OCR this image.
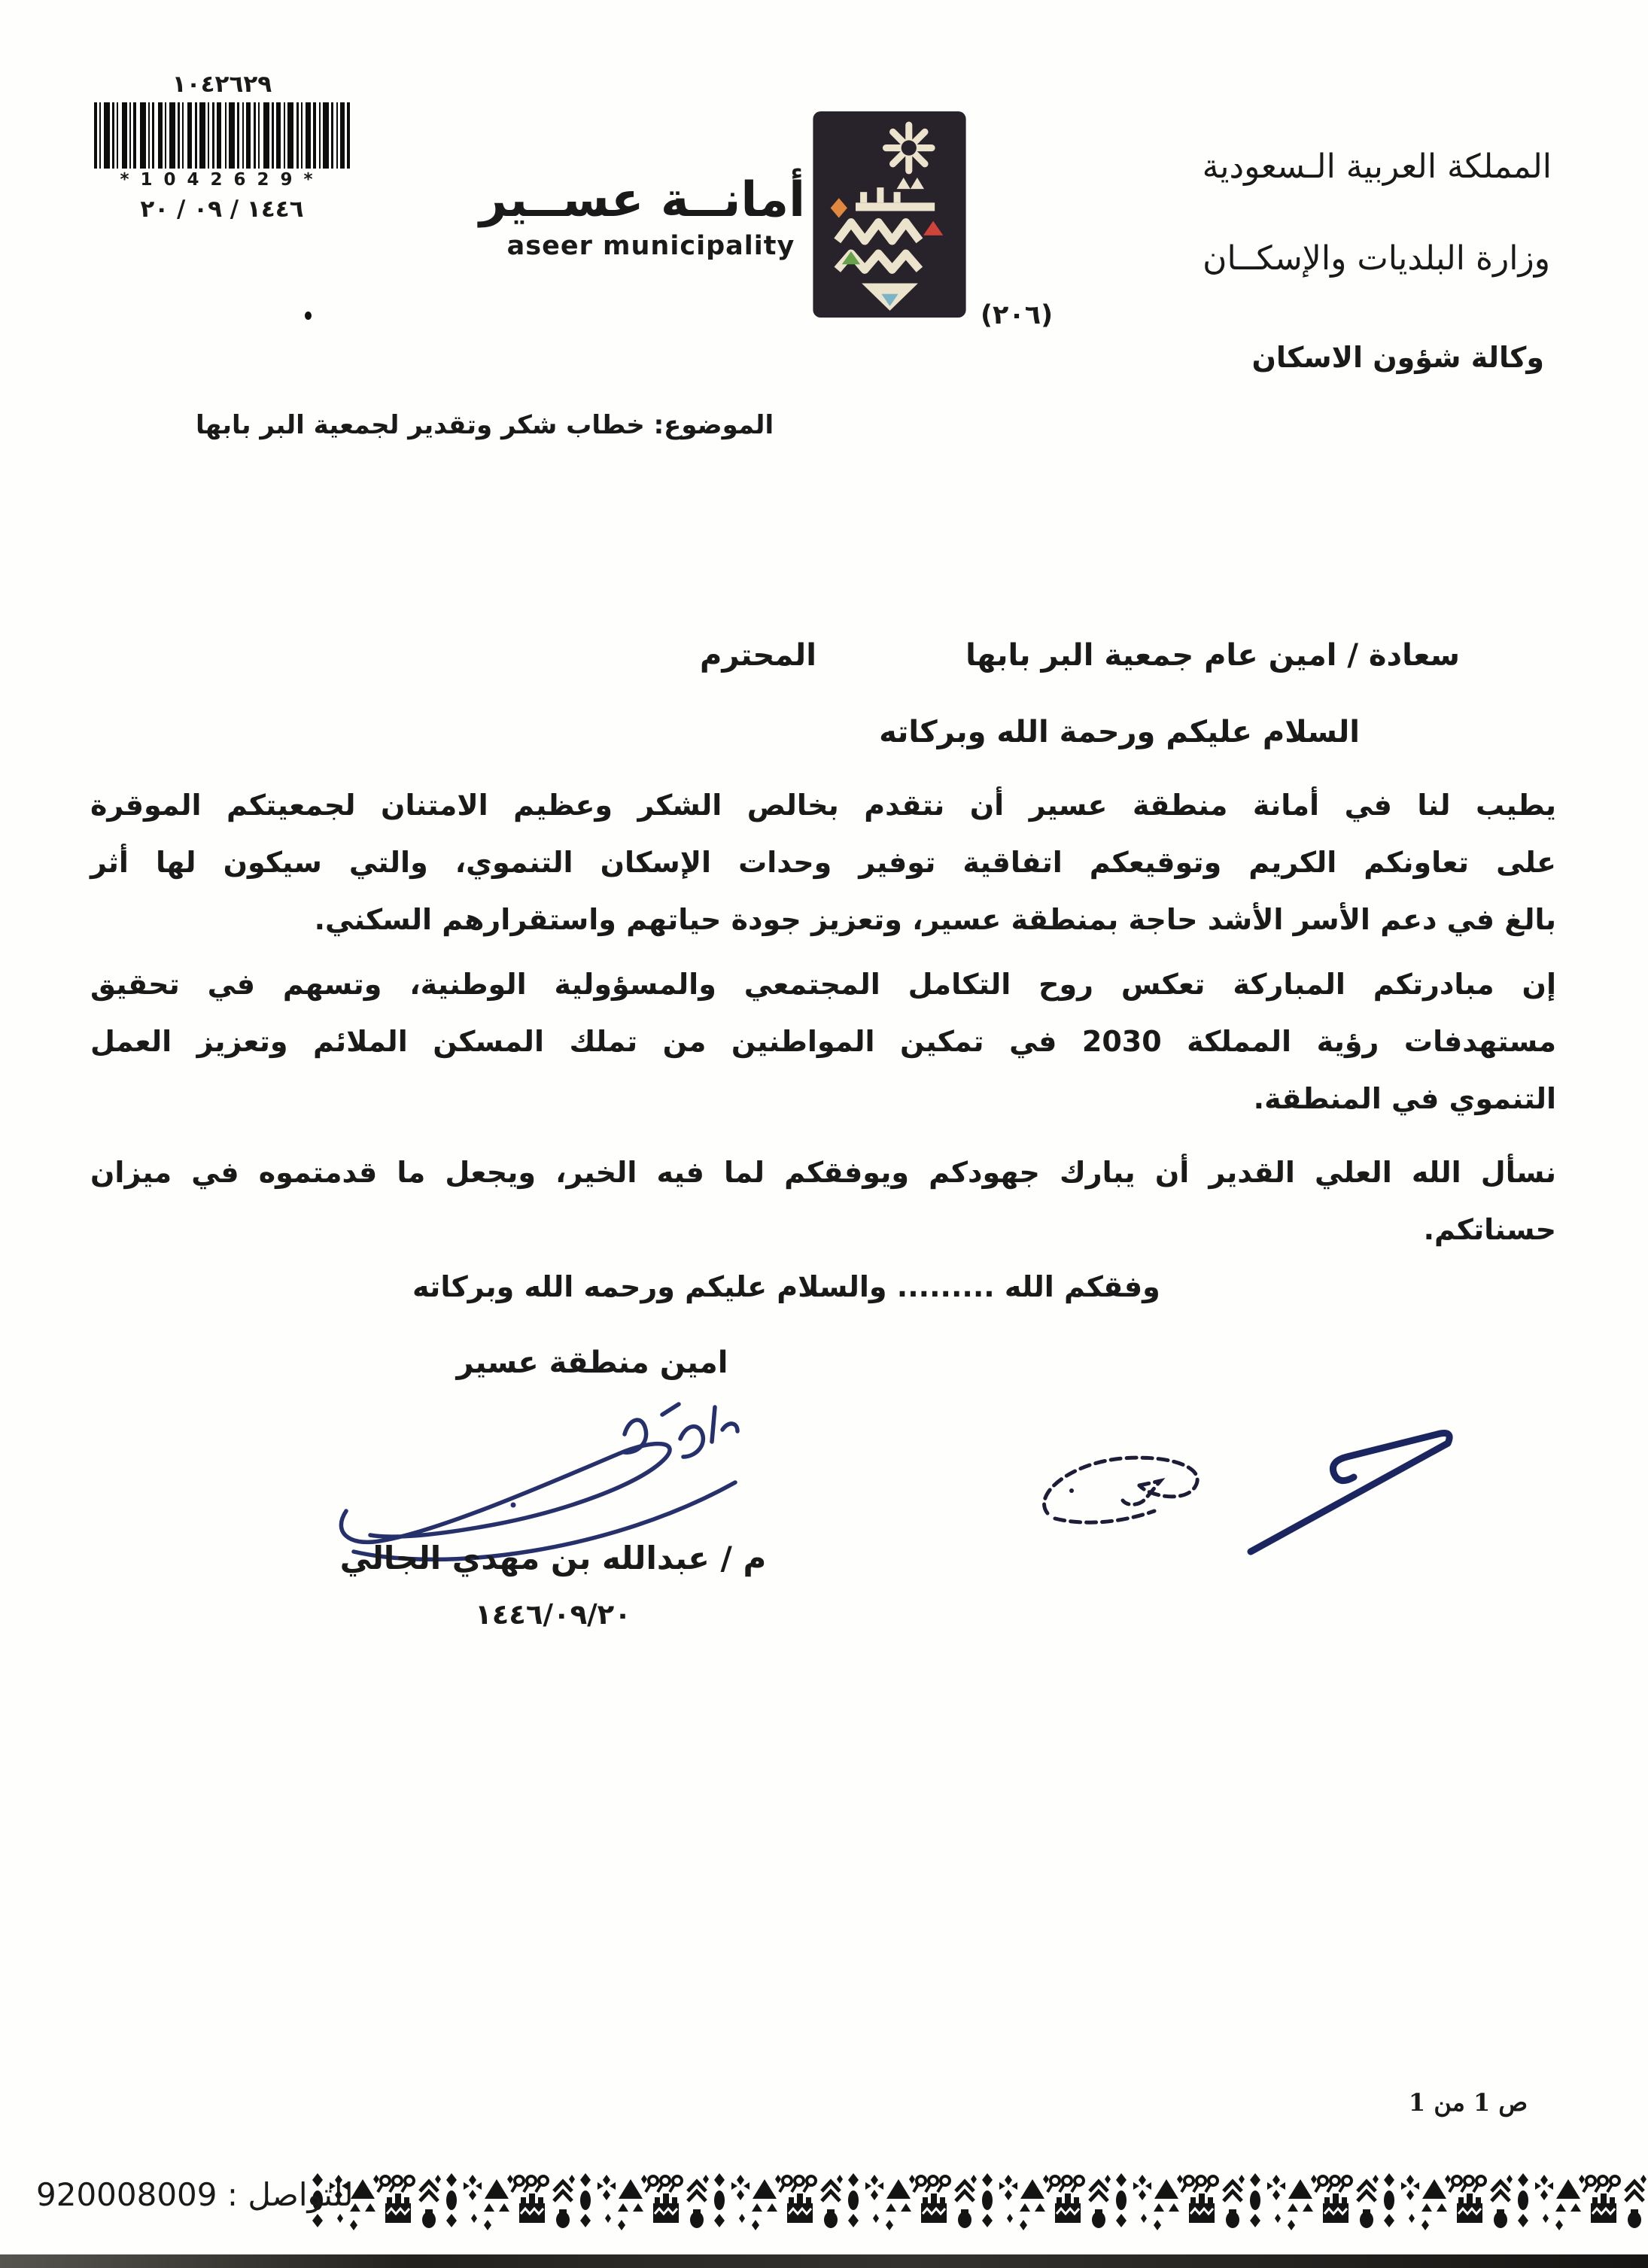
١٠٤٢٦٢٩
*1042629*
١٤٤٦ / ٠٩ / ٢٠	أمانــة عســير
aseer municipality
المملكة العربية الـسعودية
وزارة البلديات والإسكــان
(٢٠٦)
وكالة شؤون الاسكان
الموضوع: خطاب شكر وتقدير لجمعية البر بابها
سعادة / امين عام جمعية البر بابها
المحترم
السلام عليكم ورحمة الله وبركاته
يطيب لنا في أمانة منطقة عسير أن نتقدم بخالص الشكر وعظيم الامتنان لجمعيتكم الموقرة
على تعاونكم الكريم وتوقيعكم اتفاقية توفير وحدات الإسكان التنموي، والتي سيكون لها أثر
بالغ في دعم الأسر الأشد حاجة بمنطقة عسير، وتعزيز جودة حياتهم واستقرارهم السكني.
إن مبادرتكم المباركة تعكس روح التكامل المجتمعي والمسؤولية الوطنية، وتسهم في تحقيق
مستهدفات رؤية المملكة 2030 في تمكين المواطنين من تملك المسكن الملائم وتعزيز العمل
التنموي في المنطقة.
نسأل الله العلي القدير أن يبارك جهودكم ويوفقكم لما فيه الخير، ويجعل ما قدمتموه في ميزان
حسناتكم.
وفقكم الله ......... والسلام عليكم ورحمه الله وبركاته
امين منطقة عسير
م / عبدالله بن مهدي الجالي
١٤٤٦/٠٩/٢٠
ص 1 من 1
للتواصل : 920008009
